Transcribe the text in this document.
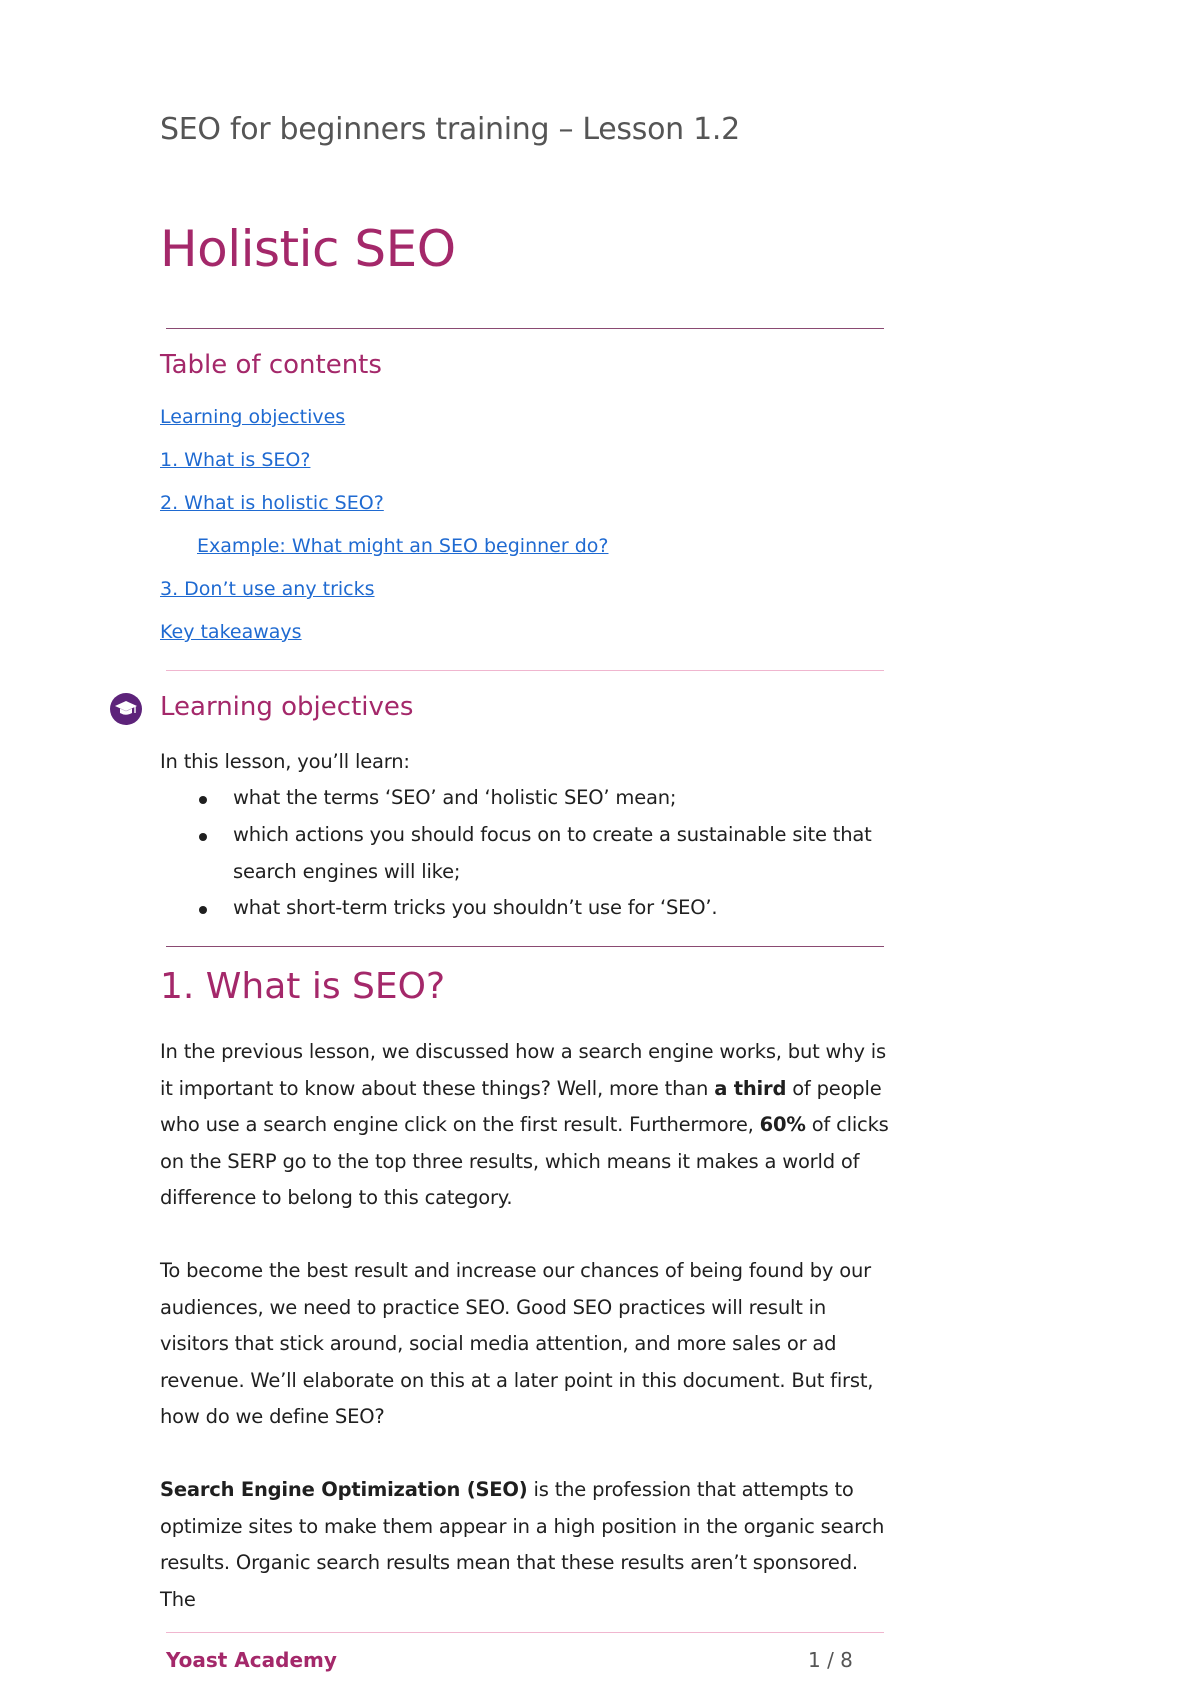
SEO for beginners training – Lesson 1.2
Holistic SEO
Table of contents
Learning objectives
1. What is SEO?
2. What is holistic SEO?
Example: What might an SEO beginner do?
3. Don’t use any tricks
Key takeaways
Learning objectives

In this lesson, you’ll learn:

what the terms ‘SEO’ and ‘holistic SEO’ mean;

which actions you should focus on to create a sustainable site that search engines will like;

what short-term tricks you shouldn’t use for ‘SEO’.

1. What is SEO?

In the previous lesson, we discussed how a search engine works, but why is it important to know about these things? Well, more than a third of people who use a search engine click on the first result. Furthermore, 60% of clicks on the SERP go to the top three results, which means it makes a world of difference to belong to this category.

To become the best result and increase our chances of being found by our audiences, we need to practice SEO. Good SEO practices will result in visitors that stick around, social media attention, and more sales or ad revenue. We’ll elaborate on this at a later point in this document. But first, how do we define SEO?

Search Engine Optimization (SEO) is the profession that attempts to optimize sites to make them appear in a high position in the organic search results. Organic search results mean that these results aren’t sponsored. The

Yoast Academy	1 / 8
